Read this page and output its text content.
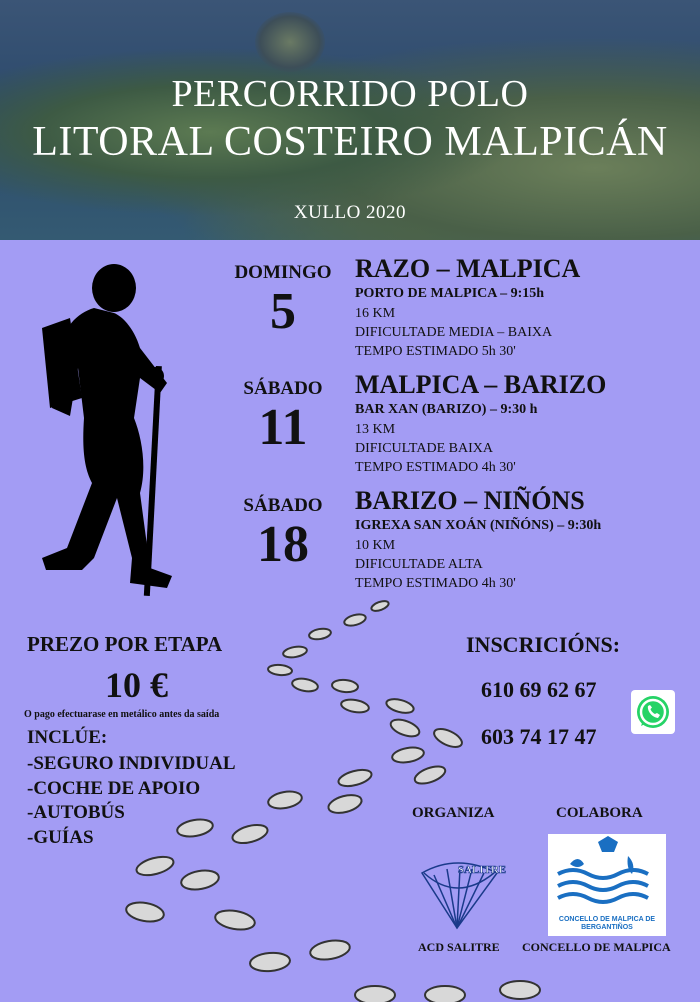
PERCORRIDO POLO
LITORAL COSTEIRO MALPICÁN
XULLO 2020
DOMINGO
5
RAZO – MALPICA
PORTO DE MALPICA – 9:15h
16 KM
DIFICULTADE MEDIA – BAIXA
TEMPO ESTIMADO 5h 30'
SÁBADO
11
MALPICA – BARIZO
BAR XAN (BARIZO) – 9:30 h
13 KM
DIFICULTADE BAIXA
TEMPO ESTIMADO 4h 30'
SÁBADO
18
BARIZO – NIÑÓNS
IGREXA SAN XOÁN (NIÑÓNS) – 9:30h
10 KM
DIFICULTADE ALTA
TEMPO ESTIMADO 4h 30'
PREZO POR ETAPA
10 €
O pago efectuarase en metálico antes da saída
INCLÚE:
-SEGURO INDIVIDUAL
-COCHE DE APOIO
-AUTOBÚS
-GUÍAS
INSCRICIÓNS:
610 69 62 67
603 74 17 47
ORGANIZA	COLABORA
SALITRE
CONCELLO DE MALPICA DE BERGANTIÑOS
ACD SALITRE CONCELLO DE MALPICA
